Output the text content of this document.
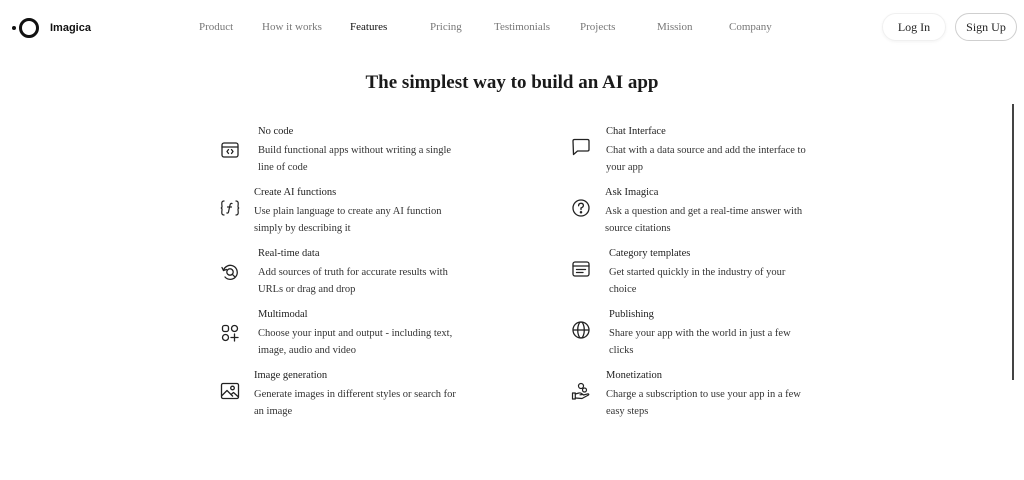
Imagica	Product	How it works	Features	Pricing	Testimonials	Projects	Mission	Company	Log In	Sign Up
The simplest way to build an AI app
No code
Build functional apps without writing a single line of code
Create AI functions
Use plain language to create any AI function simply by describing it
Real-time data
Add sources of truth for accurate results with URLs or drag and drop
Multimodal
Choose your input and output - including text, image, audio and video
Image generation
Generate images in different styles or search for an image
Chat Interface
Chat with a data source and add the interface to your app
Ask Imagica
Ask a question and get a real-time answer with source citations
Category templates
Get started quickly in the industry of your choice
Publishing
Share your app with the world in just a few clicks
Monetization
Charge a subscription to use your app in a few easy steps
